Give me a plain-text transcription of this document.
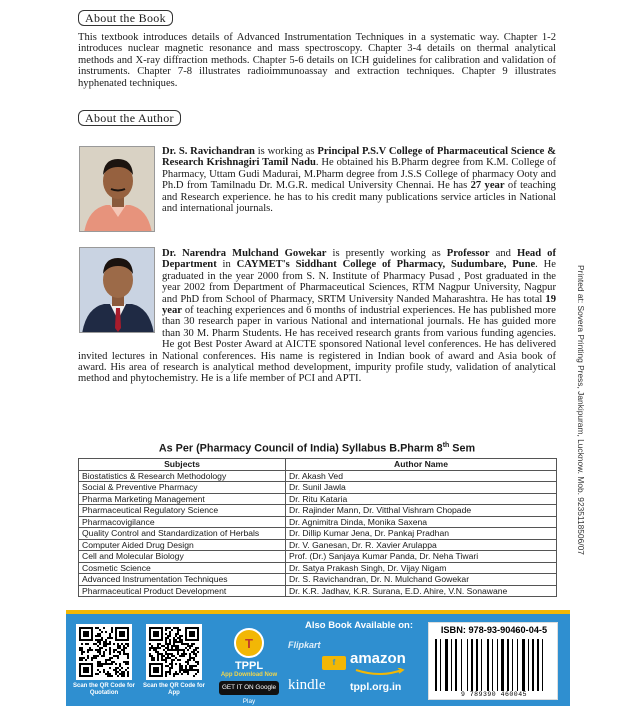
About the Book
This textbook introduces details of Advanced Instrumentation Techniques in a systematic way. Chapter 1-2 introduces nuclear magnetic resonance and mass spectroscopy. Chapter 3-4 details on thermal analytical methods and X-ray diffraction methods. Chapter 5-6 details on ICH guidelines for calibration and validation of instruments. Chapter 7-8 illustrates radioimmunoassay and extraction techniques. Chapter 9 illustrates hyphenated techniques.
About the Author
Dr. S. Ravichandran is working as Principal P.S.V College of Pharmaceutical Science & Research Krishnagiri Tamil Nadu. He obtained his B.Pharm degree from K.M. College of Pharmacy, Uttam Gudi Madurai, M.Pharm degree from J.S.S College of pharmacy Ooty and Ph.D from Tamilnadu Dr. M.G.R. medical University Chennai. He has 27 year of teaching and Research experience. he has to his credit many publications service articles in National and international journals.
Dr. Narendra Mulchand Gowekar is presently working as Professor and Head of Department in CAYMET's Siddhant College of Pharmacy, Sudumbare, Pune. He graduated in the year 2000 from S. N. Institute of Pharmacy Pusad , Post graduated in the year 2002 from Department of Pharmaceutical Sciences, RTM Nagpur University, Nagpur and PhD from School of Pharmacy, SRTM University Nanded Maharashtra. He has total 19 year of teaching experiences and 6 months of industrial experiences. He has published more than 30 research paper in various National and international journals. He has guided more than 30 M. Pharm Students. He has received research grants from various funding agencies. He got Best Poster Award at AICTE sponsored National level conferences. He has delivered invited lectures in National conferences. His name is registered in Indian book of award and Asia book of award. His area of research is analytical method development, impurity profile study, validation of analytical method and phytochemistry. He is a life member of PCI and APTI.
As Per (Pharmacy Council of India) Syllabus B.Pharm 8th Sem
Subjects	Author Name
Biostatistics & Research Methodology	Dr. Akash Ved
Social & Preventive Pharmacy	Dr. Sunil Jawla
Pharma Marketing Management	Dr. Ritu Kataria
Pharmaceutical Regulatory Science	Dr. Rajinder Mann, Dr. Vitthal Vishram Chopade
Pharmacovigilance	Dr. Agnimitra Dinda, Monika Saxena
Quality Control and Standardization of Herbals	Dr. Dillip Kumar Jena, Dr. Pankaj Pradhan
Computer Aided Drug Design	Dr. V. Ganesan, Dr. R. Xavier Arulappa
Cell and Molecular Biology	Prof. (Dr.) Sanjaya Kumar Panda, Dr. Neha Tiwari
Cosmetic Science	Dr. Satya Prakash Singh, Dr. Vijay Nigam
Advanced Instrumentation Techniques	Dr. S. Ravichandran, Dr. N. Mulchand Gowekar
Pharmaceutical Product Development	Dr. K.R. Jadhav, K.R. Surana, E.D. Ahire, V.N. Sonawane
Printed at: Sovera Printing Press, Jankipuram, Lucknow. Mob. 9235118506/07
Scan the QR Code for Quotation
Scan the QR Code for App
T
TPPL
App Download Now
GET IT ON Google Play
Also Book Available on:
Flipkart
f amazon
kindle tppl.org.in
ISBN: 978-93-90460-04-5
9 789390 460045
